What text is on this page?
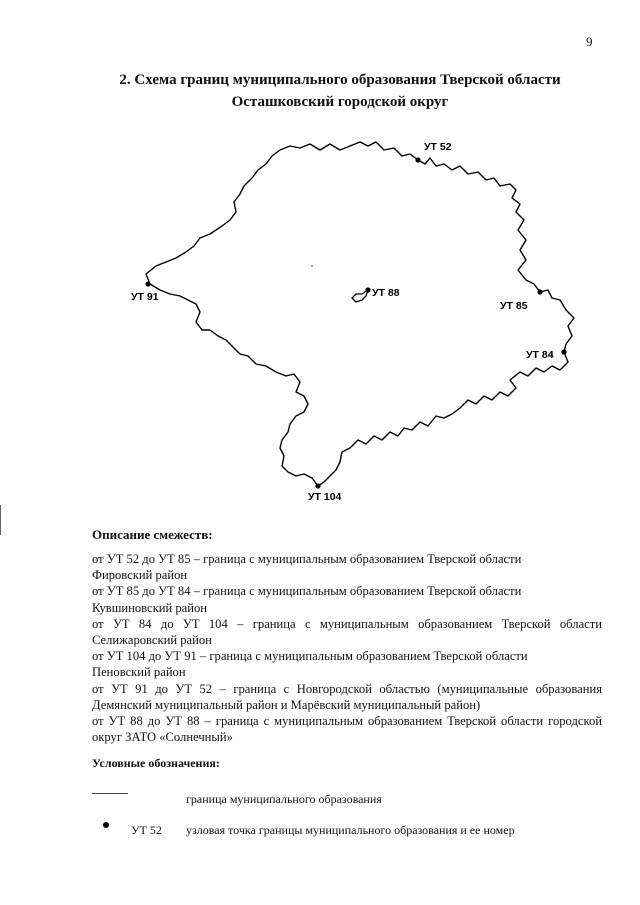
9
2. Схема границ муниципального образования Тверской области
Осташковский городской округ
УТ 52
УТ 85
УТ 84
УТ 104
УТ 91	УТ 88
Описание смежеств:
от УТ 52 до УТ 85 – граница с муниципальным образованием Тверской области
Фировский район
от УТ 85 до УТ 84 – граница с муниципальным образованием Тверской области
Кувшиновский район
от УТ 84 до УТ 104 – граница с муниципальным образованием Тверской области
Селижаровский район
от УТ 104 до УТ 91 – граница с муниципальным образованием Тверской области
Пеновский район
от УТ 91 до УТ 52 – граница с Новгородской областью (муниципальные образования
Демянский муниципальный район и Марёвский муниципальный район)
от УТ 88 до УТ 88 – граница с муниципальным образованием Тверской области городской
округ ЗАТО «Солнечный»
Условные обозначения:
граница муниципального образования
УТ 52 узловая точка границы муниципального образования и ее номер
